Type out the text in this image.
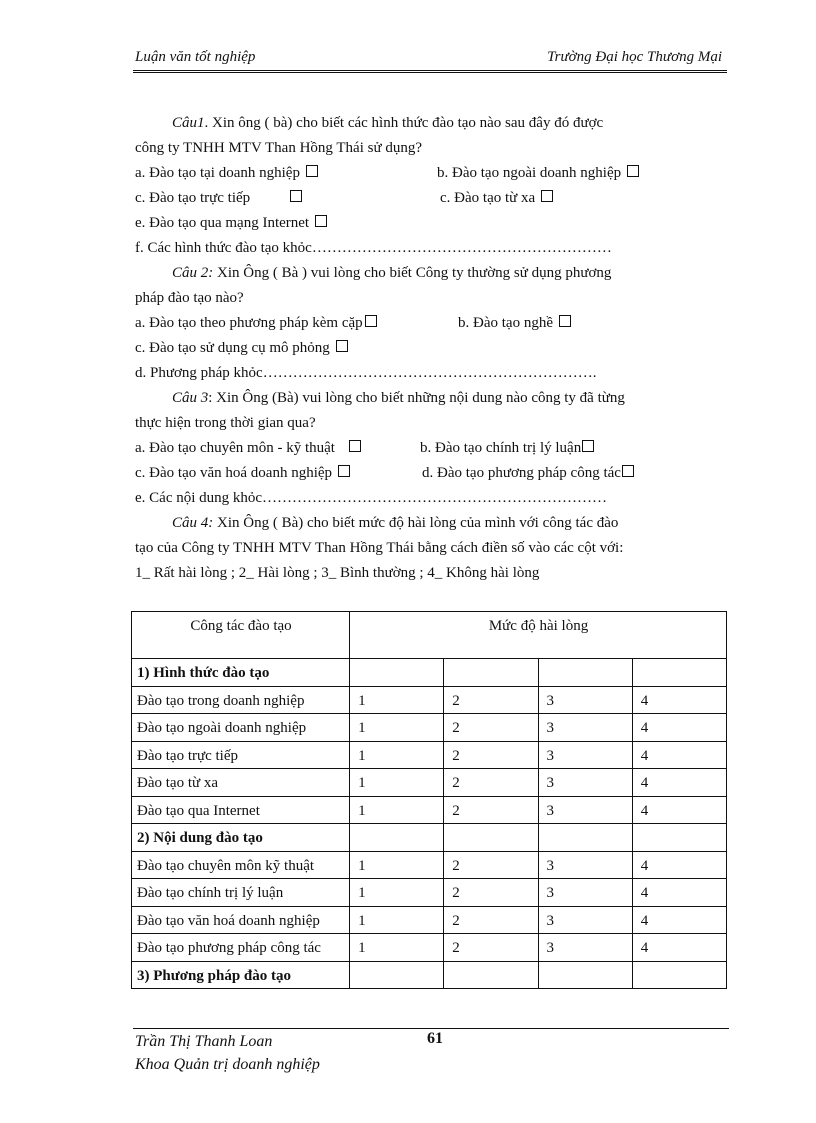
Luận văn tốt nghiệp	Trường Đại học Thương Mại
Câu1. Xin ông ( bà) cho biết các hình thức đào tạo nào sau đây đó được
công ty TNHH MTV Than Hồng Thái sử dụng?
a. Đào tạo tại doanh nghiệp	b. Đào tạo ngoài doanh nghiệp
c. Đào tạo trực tiếp	c. Đào tạo từ xa
e. Đào tạo qua mạng Internet
f. Các hình thức đào tạo khỏc……………………………………………………
Câu 2: Xin Ông ( Bà ) vui lòng cho biết Công ty thường sử dụng phương
pháp đào tạo nào?
a. Đào tạo theo phương pháp kèm cặp	b. Đào tạo nghề
c. Đào tạo sử dụng cụ mô phỏng
d. Phương pháp khỏc………………………………………………………….
Câu 3: Xin Ông (Bà) vui lòng cho biết những nội dung nào công ty đã từng
thực hiện trong thời gian qua?
a. Đào tạo chuyên môn - kỹ thuật	b. Đào tạo chính trị lý luận
c. Đào tạo văn hoá doanh nghiệp	d. Đào tạo phương pháp công tác
e. Các nội dung khỏc……………………………………………………………
Câu 4: Xin Ông ( Bà) cho biết mức độ hài lòng của mình với công tác đào
tạo của Công ty TNHH MTV Than Hồng Thái bằng cách điền số vào các cột với:
1_ Rất hài lòng ; 2_ Hài lòng ; 3_ Bình thường ; 4_ Không hài lòng
Công tác đào tạo	Mức độ hài lòng			
1) Hình thức đào tạo				
Đào tạo trong doanh nghiệp	1	2	3	4
Đào tạo ngoài doanh nghiệp	1	2	3	4
Đào tạo trực tiếp	1	2	3	4
Đào tạo từ xa	1	2	3	4
Đào tạo qua Internet	1	2	3	4
2) Nội dung đào tạo				
Đào tạo chuyên môn kỹ thuật	1	2	3	4
Đào tạo chính trị lý luận	1	2	3	4
Đào tạo văn hoá doanh nghiệp	1	2	3	4
Đào tạo phương pháp công tác	1	2	3	4
3) Phương pháp đào tạo				
61
Trần Thị Thanh Loan
Khoa Quản trị doanh nghiệp
